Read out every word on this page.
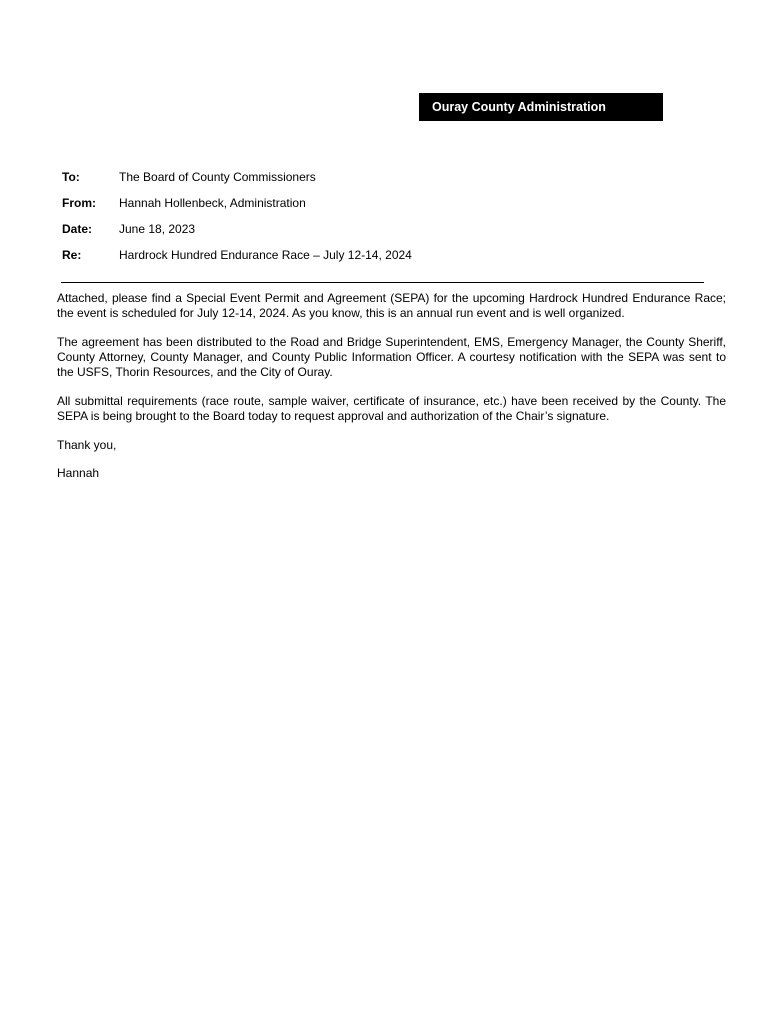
Ouray County Administration
To:	The Board of County Commissioners
From: Hannah Hollenbeck, Administration
Date: June 18, 2023
Re:	Hardrock Hundred Endurance Race – July 12-14, 2024

Attached, please find a Special Event Permit and Agreement (SEPA) for the upcoming Hardrock Hundred Endurance Race; the event is scheduled for July 12-14, 2024. As you know, this is an annual run event and is well organized.

The agreement has been distributed to the Road and Bridge Superintendent, EMS, Emergency Manager, the County Sheriff, County Attorney, County Manager, and County Public Information Officer. A courtesy notification with the SEPA was sent to the USFS, Thorin Resources, and the City of Ouray.

All submittal requirements (race route, sample waiver, certificate of insurance, etc.) have been received by the County. The SEPA is being brought to the Board today to request approval and authorization of the Chair’s signature.

Thank you,

Hannah
